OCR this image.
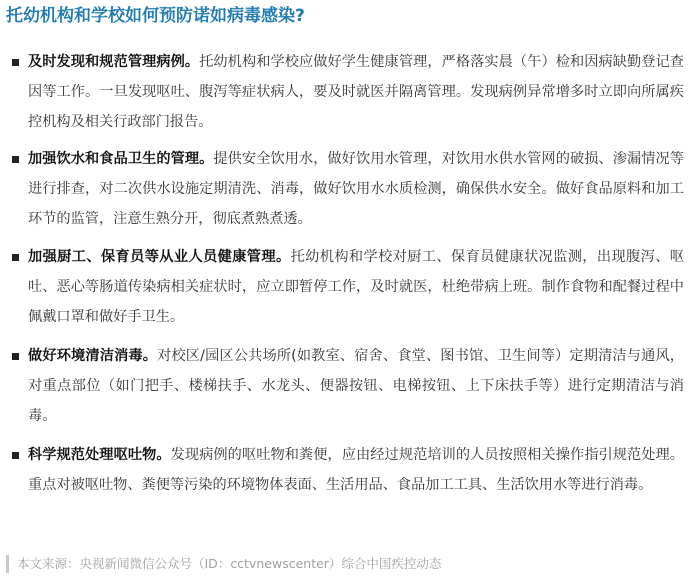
托幼机构和学校如何预防诺如病毒感染?

及时发现和规范管理病例。托幼机构和学校应做好学生健康管理，严格落实晨（午）检和因病缺勤登记查因等工作。一旦发现呕吐、腹泻等症状病人，要及时就医并隔离管理。发现病例异常增多时立即向所属疾控机构及相关行政部门报告。

加强饮水和食品卫生的管理。提供安全饮用水，做好饮用水管理，对饮用水供水管网的破损、渗漏情况等进行排查，对二次供水设施定期清洗、消毒，做好饮用水水质检测，确保供水安全。做好食品原料和加工环节的监管，注意生熟分开，彻底煮熟煮透。

加强厨工、保育员等从业人员健康管理。托幼机构和学校对厨工、保育员健康状况监测，出现腹泻、呕吐、恶心等肠道传染病相关症状时，应立即暂停工作，及时就医，杜绝带病上班。制作食物和配餐过程中佩戴口罩和做好手卫生。

做好环境清洁消毒。对校区/园区公共场所(如教室、宿舍、食堂、图书馆、卫生间等）定期清洁与通风，对重点部位（如门把手、楼梯扶手、水龙头、便器按钮、电梯按钮、上下床扶手等）进行定期清洁与消毒。

科学规范处理呕吐物。发现病例的呕吐物和粪便，应由经过规范培训的人员按照相关操作指引规范处理。重点对被呕吐物、粪便等污染的环境物体表面、生活用品、食品加工工具、生活饮用水等进行消毒。

本文来源：央视新闻微信公众号（ID：cctvnewscenter）综合中国疾控动态
